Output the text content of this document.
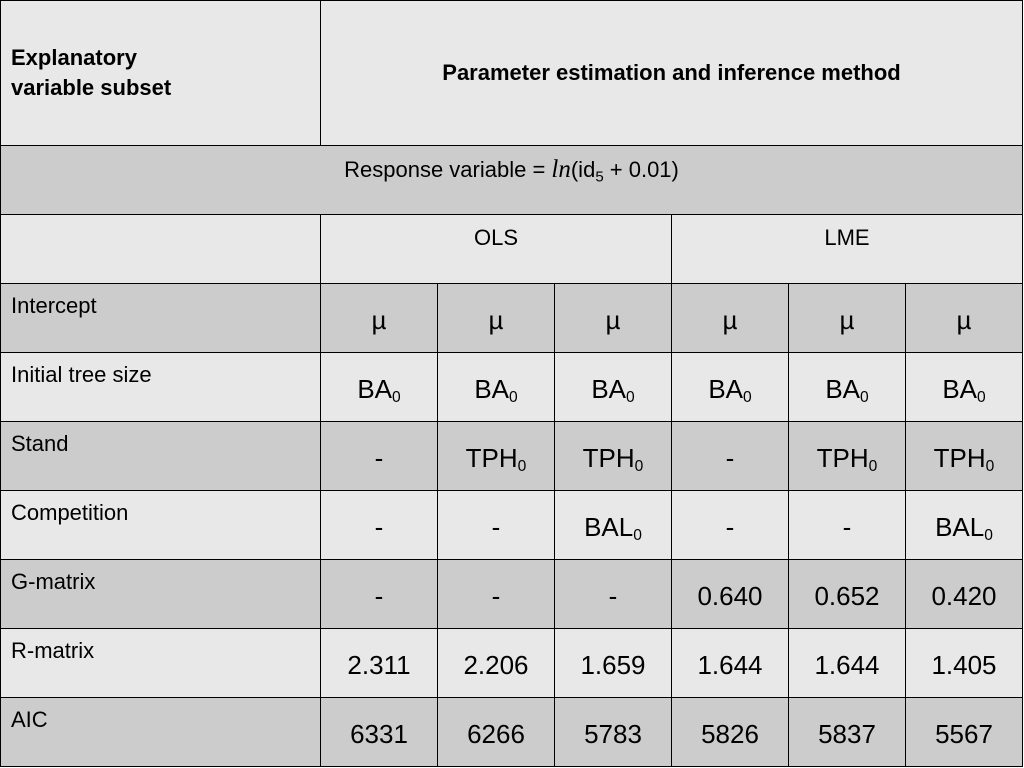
Explanatory
variable subset	Parameter estimation and inference method					
Response variable = $\ln(id_5 + 0.01)$						
	OLS			LME		
Intercept	µ	µ	µ	µ	µ	µ
Initial tree size	$BA_0$	$BA_0$	$BA_0$	$BA_0$	$BA_0$	$BA_0$
Stand	-	$TPH_0$	$TPH_0$	-	$TPH_0$	$TPH_0$
Competition	-	-	$BAL_0$	-	-	$BAL_0$
G-matrix	-	-	-	0.640	0.652	0.420
R-matrix	2.311	2.206	1.659	1.644	1.644	1.405
AIC	6331	6266	5783	5826	5837	5567
